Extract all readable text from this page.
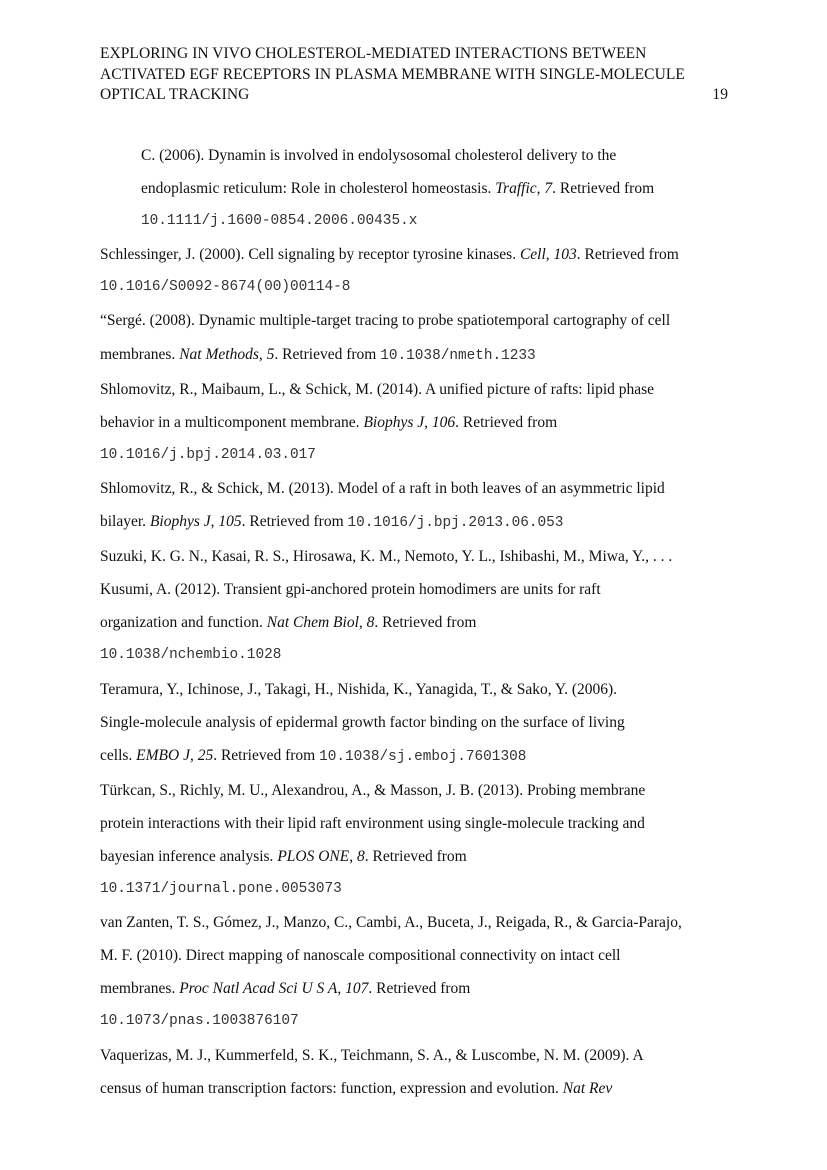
EXPLORING IN VIVO CHOLESTEROL-MEDIATED INTERACTIONS BETWEEN
ACTIVATED EGF RECEPTORS IN PLASMA MEMBRANE WITH SINGLE-MOLECULE
OPTICAL TRACKING	19
C. (2006). Dynamin is involved in endolysosomal cholesterol delivery to the
endoplasmic reticulum: Role in cholesterol homeostasis. Traffic, 7. Retrieved from
10.1111/j.1600-0854.2006.00435.x
Schlessinger, J. (2000). Cell signaling by receptor tyrosine kinases. Cell, 103. Retrieved from
10.1016/S0092-8674(00)00114-8
“Sergé. (2008). Dynamic multiple-target tracing to probe spatiotemporal cartography of cell
membranes. Nat Methods, 5. Retrieved from 10.1038/nmeth.1233
Shlomovitz, R., Maibaum, L., & Schick, M. (2014). A unified picture of rafts: lipid phase
behavior in a multicomponent membrane. Biophys J, 106. Retrieved from
10.1016/j.bpj.2014.03.017
Shlomovitz, R., & Schick, M. (2013). Model of a raft in both leaves of an asymmetric lipid
bilayer. Biophys J, 105. Retrieved from 10.1016/j.bpj.2013.06.053
Suzuki, K. G. N., Kasai, R. S., Hirosawa, K. M., Nemoto, Y. L., Ishibashi, M., Miwa, Y., . . .
Kusumi, A. (2012). Transient gpi-anchored protein homodimers are units for raft
organization and function. Nat Chem Biol, 8. Retrieved from
10.1038/nchembio.1028
Teramura, Y., Ichinose, J., Takagi, H., Nishida, K., Yanagida, T., & Sako, Y. (2006).
Single-molecule analysis of epidermal growth factor binding on the surface of living
cells. EMBO J, 25. Retrieved from 10.1038/sj.emboj.7601308
Türkcan, S., Richly, M. U., Alexandrou, A., & Masson, J. B. (2013). Probing membrane
protein interactions with their lipid raft environment using single-molecule tracking and
bayesian inference analysis. PLOS ONE, 8. Retrieved from
10.1371/journal.pone.0053073
van Zanten, T. S., Gómez, J., Manzo, C., Cambi, A., Buceta, J., Reigada, R., & Garcia-Parajo,
M. F. (2010). Direct mapping of nanoscale compositional connectivity on intact cell
membranes. Proc Natl Acad Sci U S A, 107. Retrieved from
10.1073/pnas.1003876107
Vaquerizas, M. J., Kummerfeld, S. K., Teichmann, S. A., & Luscombe, N. M. (2009). A
census of human transcription factors: function, expression and evolution. Nat Rev
